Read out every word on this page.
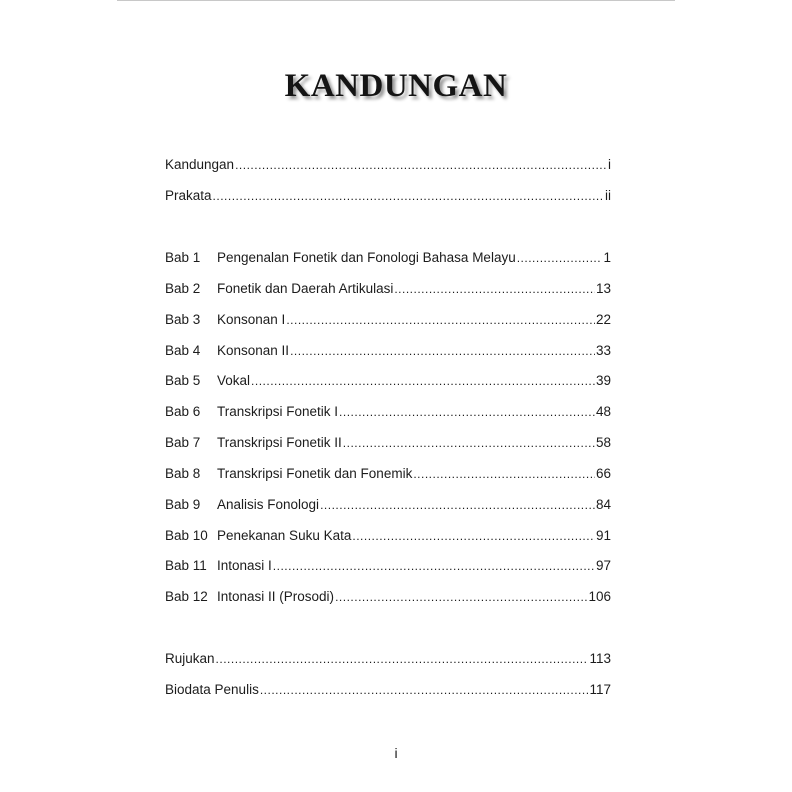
KANDUNGAN
Kandungan .....	i
Prakata .....	ii
Bab 1	Pengenalan Fonetik dan Fonologi Bahasa Melayu .....	1
Bab 2	Fonetik dan Daerah Artikulasi .....	13
Bab 3	Konsonan I .....	22
Bab 4	Konsonan II .....	33
Bab 5	Vokal .....	39
Bab 6	Transkripsi Fonetik I .....	48
Bab 7	Transkripsi Fonetik II .....	58
Bab 8	Transkripsi Fonetik dan Fonemik .....	66
Bab 9	Analisis Fonologi .....	84
Bab 10 Penekanan Suku Kata .....	91
Bab 11 Intonasi I .....	97
Bab 12 Intonasi II (Prosodi) .....	106
Rujukan .....	113
Biodata Penulis .....	117
i
